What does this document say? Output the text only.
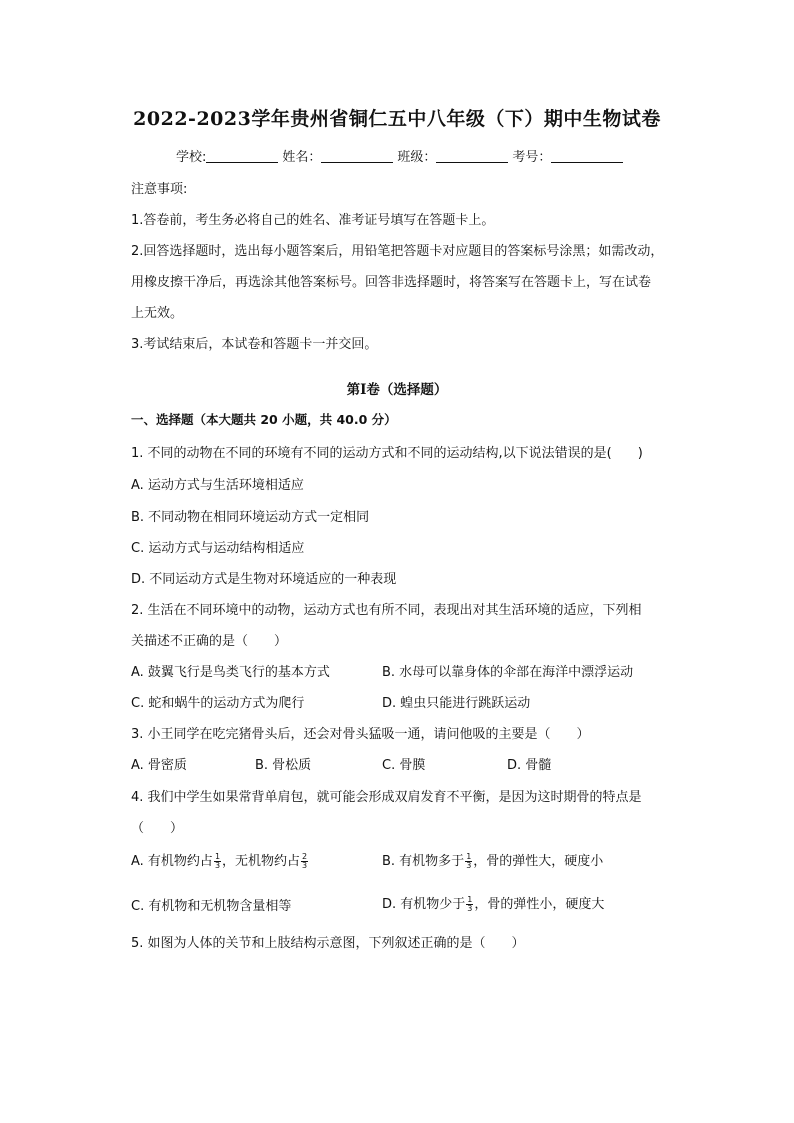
2022-2023学年贵州省铜仁五中八年级（下）期中生物试卷
学校:	姓名：	班级：	考号：
注意事项:
1.答卷前，考生务必将自己的姓名、准考证号填写在答题卡上。
2.回答选择题时，选出每小题答案后，用铅笔把答题卡对应题目的答案标号涂黑；如需改动，
用橡皮擦干净后，再选涂其他答案标号。回答非选择题时，将答案写在答题卡上，写在试卷
上无效。
3.考试结束后，本试卷和答题卡一并交回。
第Ⅰ卷（选择题）
一、选择题（本大题共 20 小题，共 40.0 分）
1. 不同的动物在不同的环境有不同的运动方式和不同的运动结构,以下说法错误的是(　　)
A. 运动方式与生活环境相适应
B. 不同动物在相同环境运动方式一定相同
C. 运动方式与运动结构相适应
D. 不同运动方式是生物对环境适应的一种表现
2. 生活在不同环境中的动物，运动方式也有所不同，表现出对其生活环境的适应，下列相
关描述不正确的是（　　）
A. 鼓翼飞行是鸟类飞行的基本方式	B. 水母可以靠身体的伞部在海洋中漂浮运动
C. 蛇和蜗牛的运动方式为爬行	D. 蝗虫只能进行跳跃运动
3. 小王同学在吃完猪骨头后，还会对骨头猛吸一通，请问他吸的主要是（　　）
A. 骨密质	B. 骨松质	C. 骨膜	D. 骨髓
4. 我们中学生如果常背单肩包，就可能会形成双肩发育不平衡，是因为这时期骨的特点是
（　　）
A. 有机物约占 $\frac{1}{3}$ ，无机物约占 $\frac{2}{3}$	B. 有机物多于 $\frac{1}{3}$ ，骨的弹性大，硬度小
C. 有机物和无机物含量相等	D. 有机物少于 $\frac{1}{3}$ ，骨的弹性小，硬度大
5. 如图为人体的关节和上肢结构示意图，下列叙述正确的是（　　）
